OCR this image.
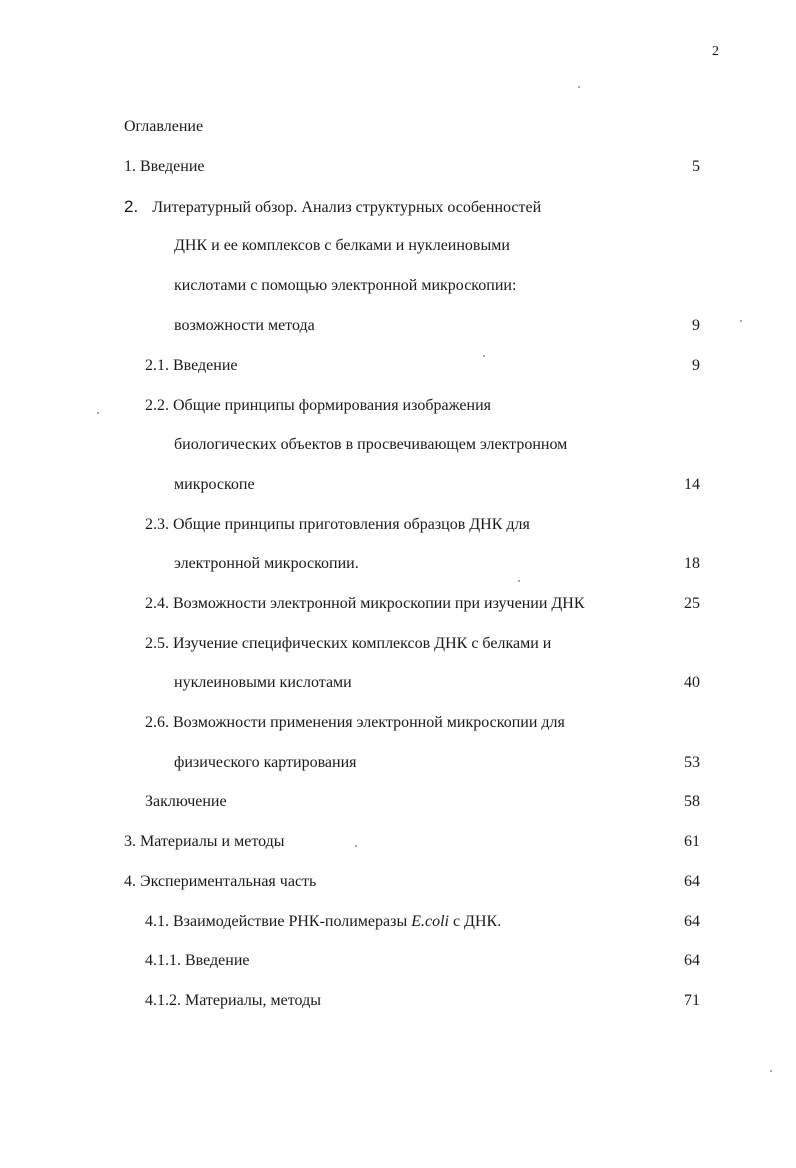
2
Оглавление
1. Введение	5
2. Литературный обзор. Анализ структурных особенностей
ДНК и ее комплексов с белками и нуклеиновыми
кислотами с помощью электронной микроскопии:
возможности метода	9
2.1. Введение	9
2.2. Общие принципы формирования изображения
биологических объектов в просвечивающем электронном
микроскопе	14
2.3. Общие принципы приготовления образцов ДНК для
электронной микроскопии.	18
2.4. Возможности электронной микроскопии при изучении ДНК	25
2.5. Изучение специфических комплексов ДНК с белками и
нуклеиновыми кислотами	40
2.6. Возможности применения электронной микроскопии для
физического картирования	53
Заключение	58
3. Материалы и методы	61
4. Экспериментальная часть	64
4.1. Взаимодействие РНК-полимеразы E.coli с ДНК.	64
4.1.1. Введение	64
4.1.2. Материалы, методы	71
